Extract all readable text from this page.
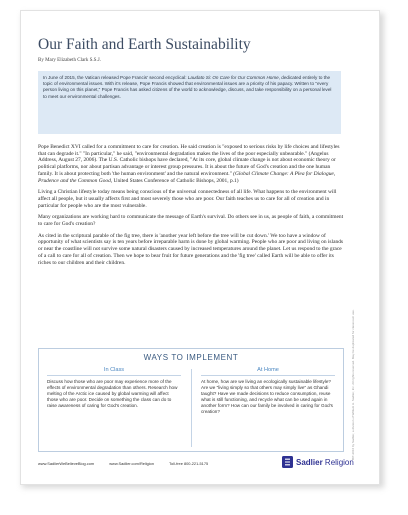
Our Faith and Earth Sustainability
By Mary Elizabeth Clark S.S.J.
In June of 2015, the Vatican released Pope Francis' second encyclical: Laudato Si: On Care for Our Common Home, dedicated entirely to the topic of environmental issues. With it's release, Pope Francis showed that environmental issues are a priority of his papacy. Written to "every person living on this planet," Pope Francis has asked citizens of the world to acknowledge, discuss, and take responsibility on a personal level to meet our environmental challenges.

Pope Benedict XVI called for a commitment to care for creation. He said creation is "exposed to serious risks by life choices and lifestyles that can degrade it." "In particular," he said, "environmental degradation makes the lives of the poor especially unbearable." (Angelus Address, August 27, 2006). The U.S. Catholic bishops have declared, "At its core, global climate change is not about economic theory or political platforms, nor about partisan advantage or interest group pressures. It is about the future of God's creation and the one human family. It is about protecting both 'the human environment' and the natural environment." (Global Climate Change: A Plea for Dialogue, Prudence and the Common Good, United States Conference of Catholic Bishops, 2001, p.1)

Living a Christian lifestyle today means being conscious of the universal connectedness of all life. What happens to the environment will affect all people, but it usually affects first and most severely those who are poor. Our faith teaches us to care for all of creation and in particular for people who are the most vulnerable.

Many organizations are working hard to communicate the message of Earth's survival. Do others see in us, as people of faith, a commitment to care for God's creation?

As cited in the scriptural parable of the fig tree, there is 'another year left before the tree will be cut down.' We too have a window of opportunity of what scientists say is ten years before irreparable harm is done by global warming. People who are poor and living on islands or near the coastline will not survive some natural disasters caused by increased temperatures around the planet. Let us respond to the grace of a call to care for all of creation. Then we hope to bear fruit for future generations and the 'fig tree' called Earth will be able to offer its riches to our children and their children.

WAYS TO IMPLEMENT
In Class
Discuss how those who are poor may experience more of the effects of environmental degradation than others. Research how melting of the Arctic ice caused by global warming will affect those who are poor. Decide on something the class can do to raise awareness of caring for God's creation.
At Home
At home, how are we living an ecologically sustainable lifestyle? Are we "living simply so that others may simply live" as Ghandi taught? Have we made decisions to reduce consumption, reuse what is still functioning, and recycle what can be used again in another form? How can our family be involved in caring for God's creation?	BIT-2016 by Sadlier, a division of William H. Sadlier, Inc. All rights reserved. May be duplicated for classroom use.
www.SadlierWeBelieveBlog.com	www.Sadlier.com/Religion	Toll-free 800-221-5175	Sadlier Religion
